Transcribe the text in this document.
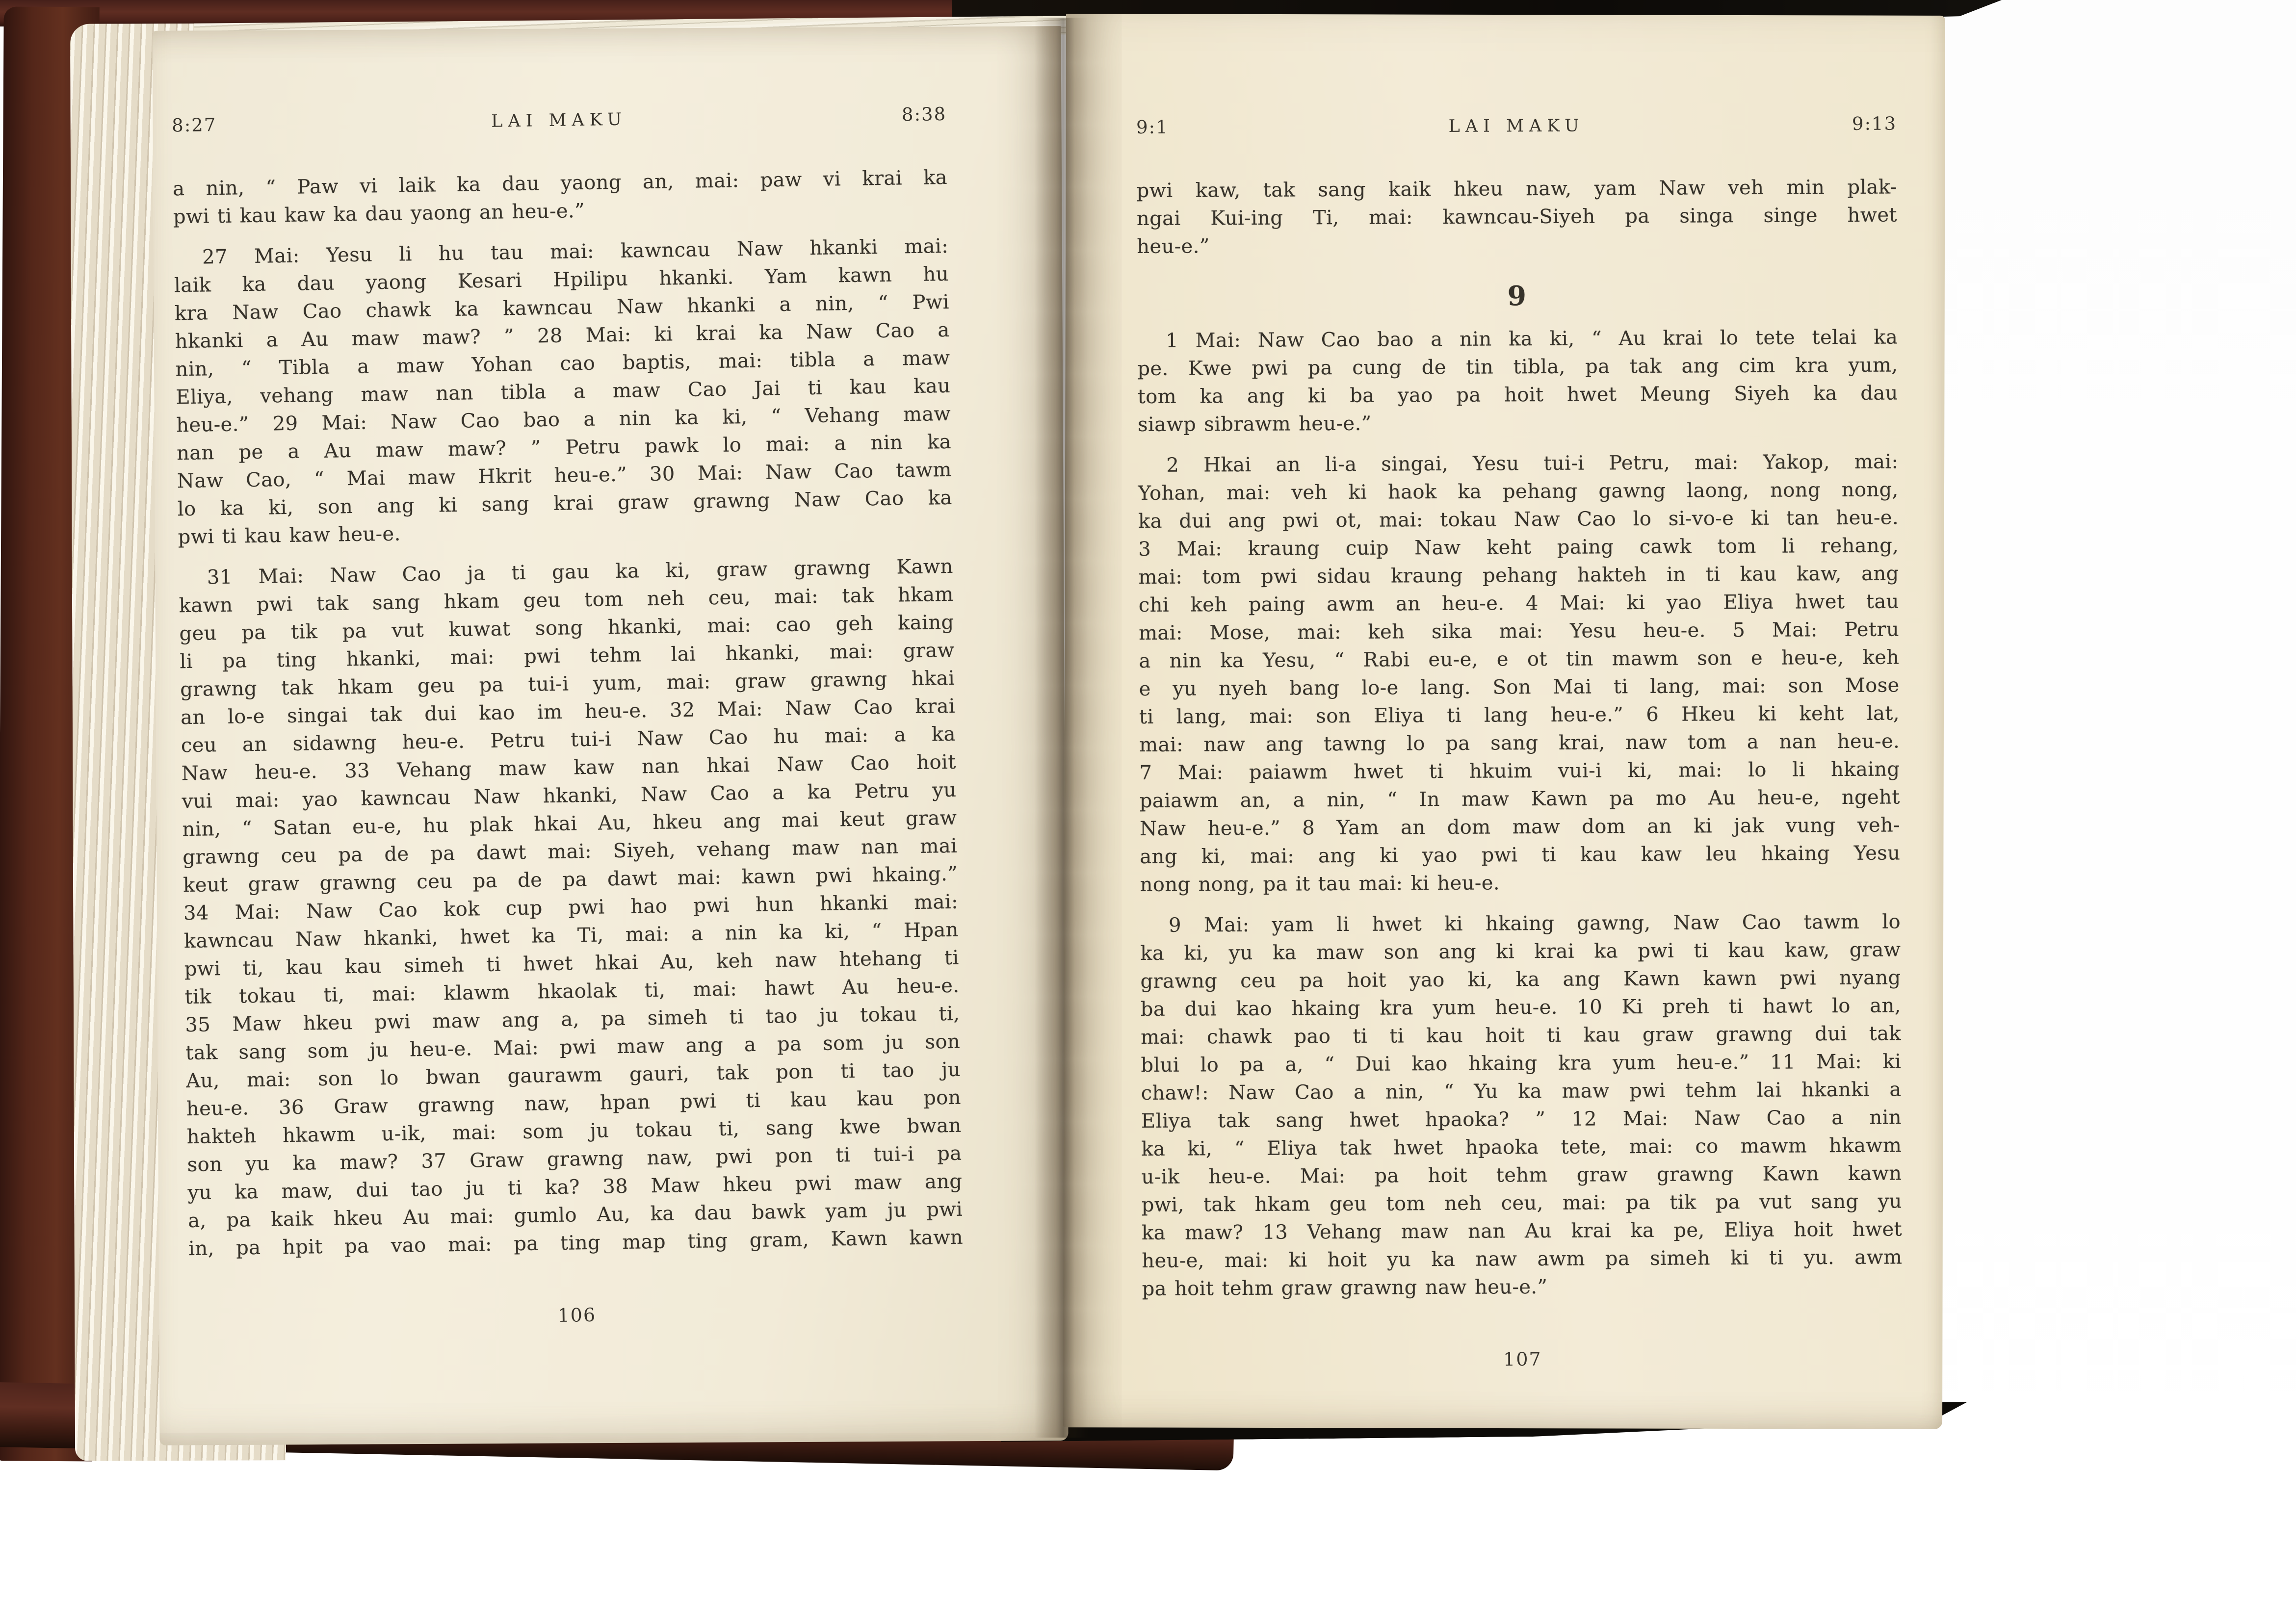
8:27	LAI MAKU	8:38
a nin, “ Paw vi laik ka dau yaong an, mai: paw vi krai ka
pwi ti kau kaw ka dau yaong an heu-e.”
27 Mai: Yesu li hu tau mai: kawncau Naw hkanki mai:
laik ka dau yaong Kesari Hpilipu hkanki. Yam kawn hu
kra Naw Cao chawk ka kawncau Naw hkanki a nin, “ Pwi
hkanki a Au maw maw? ” 28 Mai: ki krai ka Naw Cao a
nin, “ Tibla a maw Yohan cao baptis, mai: tibla a maw
Eliya, vehang maw nan tibla a maw Cao Jai ti kau kau
heu-e.” 29 Mai: Naw Cao bao a nin ka ki, “ Vehang maw
nan pe a Au maw maw? ” Petru pawk lo mai: a nin ka
Naw Cao, “ Mai maw Hkrit heu-e.” 30 Mai: Naw Cao tawm
lo ka ki, son ang ki sang krai graw grawng Naw Cao ka
pwi ti kau kaw heu-e.
31 Mai: Naw Cao ja ti gau ka ki, graw grawng Kawn
kawn pwi tak sang hkam geu tom neh ceu, mai: tak hkam
geu pa tik pa vut kuwat song hkanki, mai: cao geh kaing
li pa ting hkanki, mai: pwi tehm lai hkanki, mai: graw
grawng tak hkam geu pa tui-i yum, mai: graw grawng hkai
an lo-e singai tak dui kao im heu-e. 32 Mai: Naw Cao krai
ceu an sidawng heu-e. Petru tui-i Naw Cao hu mai: a ka
Naw heu-e. 33 Vehang maw kaw nan hkai Naw Cao hoit
vui mai: yao kawncau Naw hkanki, Naw Cao a ka Petru yu
nin, “ Satan eu-e, hu plak hkai Au, hkeu ang mai keut graw
grawng ceu pa de pa dawt mai: Siyeh, vehang maw nan mai
keut graw grawng ceu pa de pa dawt mai: kawn pwi hkaing.”
34 Mai: Naw Cao kok cup pwi hao pwi hun hkanki mai:
kawncau Naw hkanki, hwet ka Ti, mai: a nin ka ki, “ Hpan
pwi ti, kau kau simeh ti hwet hkai Au, keh naw htehang ti
tik tokau ti, mai: klawm hkaolak ti, mai: hawt Au heu-e.
35 Maw hkeu pwi maw ang a, pa simeh ti tao ju tokau ti,
tak sang som ju heu-e. Mai: pwi maw ang a pa som ju son
Au, mai: son lo bwan gaurawm gauri, tak pon ti tao ju
heu-e. 36 Graw grawng naw, hpan pwi ti kau kau pon
hakteh hkawm u-ik, mai: som ju tokau ti, sang kwe bwan
son yu ka maw? 37 Graw grawng naw, pwi pon ti tui-i pa
yu ka maw, dui tao ju ti ka? 38 Maw hkeu pwi maw ang
a, pa kaik hkeu Au mai: gumlo Au, ka dau bawk yam ju pwi
in, pa hpit pa vao mai: pa ting map ting gram, Kawn kawn
106
9:1	LAI MAKU	9:13
pwi kaw, tak sang kaik hkeu naw, yam Naw veh min plak-
ngai Kui-ing Ti, mai: kawncau-Siyeh pa singa singe hwet
heu-e.”
9
1 Mai: Naw Cao bao a nin ka ki, “ Au krai lo tete telai ka
pe. Kwe pwi pa cung de tin tibla, pa tak ang cim kra yum,
tom ka ang ki ba yao pa hoit hwet Meung Siyeh ka dau
siawp sibrawm heu-e.”
2 Hkai an li-a singai, Yesu tui-i Petru, mai: Yakop, mai:
Yohan, mai: veh ki haok ka pehang gawng laong, nong nong,
ka dui ang pwi ot, mai: tokau Naw Cao lo si-vo-e ki tan heu-e.
3 Mai: kraung cuip Naw keht paing cawk tom li rehang,
mai: tom pwi sidau kraung pehang hakteh in ti kau kaw, ang
chi keh paing awm an heu-e. 4 Mai: ki yao Eliya hwet tau
mai: Mose, mai: keh sika mai: Yesu heu-e. 5 Mai: Petru
a nin ka Yesu, “ Rabi eu-e, e ot tin mawm son e heu-e, keh
e yu nyeh bang lo-e lang. Son Mai ti lang, mai: son Mose
ti lang, mai: son Eliya ti lang heu-e.” 6 Hkeu ki keht lat,
mai: naw ang tawng lo pa sang krai, naw tom a nan heu-e.
7 Mai: paiawm hwet ti hkuim vui-i ki, mai: lo li hkaing
paiawm an, a nin, “ In maw Kawn pa mo Au heu-e, ngeht
Naw heu-e.” 8 Yam an dom maw dom an ki jak vung veh-
ang ki, mai: ang ki yao pwi ti kau kaw leu hkaing Yesu
nong nong, pa it tau mai: ki heu-e.
9 Mai: yam li hwet ki hkaing gawng, Naw Cao tawm lo
ka ki, yu ka maw son ang ki krai ka pwi ti kau kaw, graw
grawng ceu pa hoit yao ki, ka ang Kawn kawn pwi nyang
ba dui kao hkaing kra yum heu-e. 10 Ki preh ti hawt lo an,
mai: chawk pao ti ti kau hoit ti kau graw grawng dui tak
blui lo pa a, “ Dui kao hkaing kra yum heu-e.” 11 Mai: ki
chaw!: Naw Cao a nin, “ Yu ka maw pwi tehm lai hkanki a
Eliya tak sang hwet hpaoka? ” 12 Mai: Naw Cao a nin
ka ki, “ Eliya tak hwet hpaoka tete, mai: co mawm hkawm
u-ik heu-e. Mai: pa hoit tehm graw grawng Kawn kawn
pwi, tak hkam geu tom neh ceu, mai: pa tik pa vut sang yu
ka maw? 13 Vehang maw nan Au krai ka pe, Eliya hoit hwet
heu-e, mai: ki hoit yu ka naw awm pa simeh ki ti yu. awm
pa hoit tehm graw grawng naw heu-e.”
107
